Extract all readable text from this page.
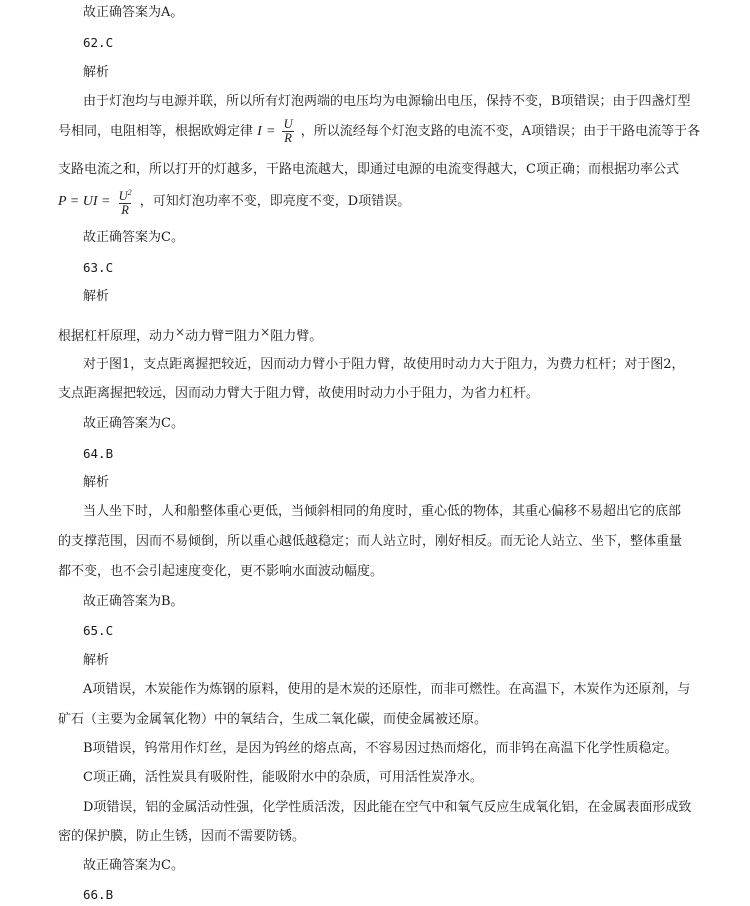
故正确答案为A。
62.C
解析
由于灯泡均与电源并联，所以所有灯泡两端的电压均为电源输出电压，保持不变，B项错误；由于四盏灯型
号相同，电阻相等，根据欧姆定律 $I = \frac{U}{R}$ ，所以流经每个灯泡支路的电流不变，A项错误；由于干路电流等于各
支路电流之和，所以打开的灯越多，干路电流越大，即通过电源的电流变得越大，C项正确；而根据功率公式
P = UI = $\frac{U^2}{R}$ ，可知灯泡功率不变，即亮度不变，D项错误。
故正确答案为C。
63.C
解析
根据杠杆原理，动力×动力臂=阻力×阻力臂。
对于图1，支点距离握把较近，因而动力臂小于阻力臂，故使用时动力大于阻力，为费力杠杆；对于图2，
支点距离握把较远，因而动力臂大于阻力臂，故使用时动力小于阻力，为省力杠杆。
故正确答案为C。
64.B
解析
当人坐下时，人和船整体重心更低，当倾斜相同的角度时，重心低的物体，其重心偏移不易超出它的底部
的支撑范围，因而不易倾倒，所以重心越低越稳定；而人站立时，刚好相反。而无论人站立、坐下，整体重量
都不变，也不会引起速度变化，更不影响水面波动幅度。
故正确答案为B。
65.C
解析
A项错误，木炭能作为炼钢的原料，使用的是木炭的还原性，而非可燃性。在高温下，木炭作为还原剂，与
矿石（主要为金属氧化物）中的氧结合，生成二氧化碳，而使金属被还原。
B项错误，钨常用作灯丝，是因为钨丝的熔点高，不容易因过热而熔化，而非钨在高温下化学性质稳定。
C项正确，活性炭具有吸附性，能吸附水中的杂质，可用活性炭净水。
D项错误，铝的金属活动性强，化学性质活泼，因此能在空气中和氧气反应生成氧化铝，在金属表面形成致
密的保护膜，防止生锈，因而不需要防锈。
故正确答案为C。
66.B
